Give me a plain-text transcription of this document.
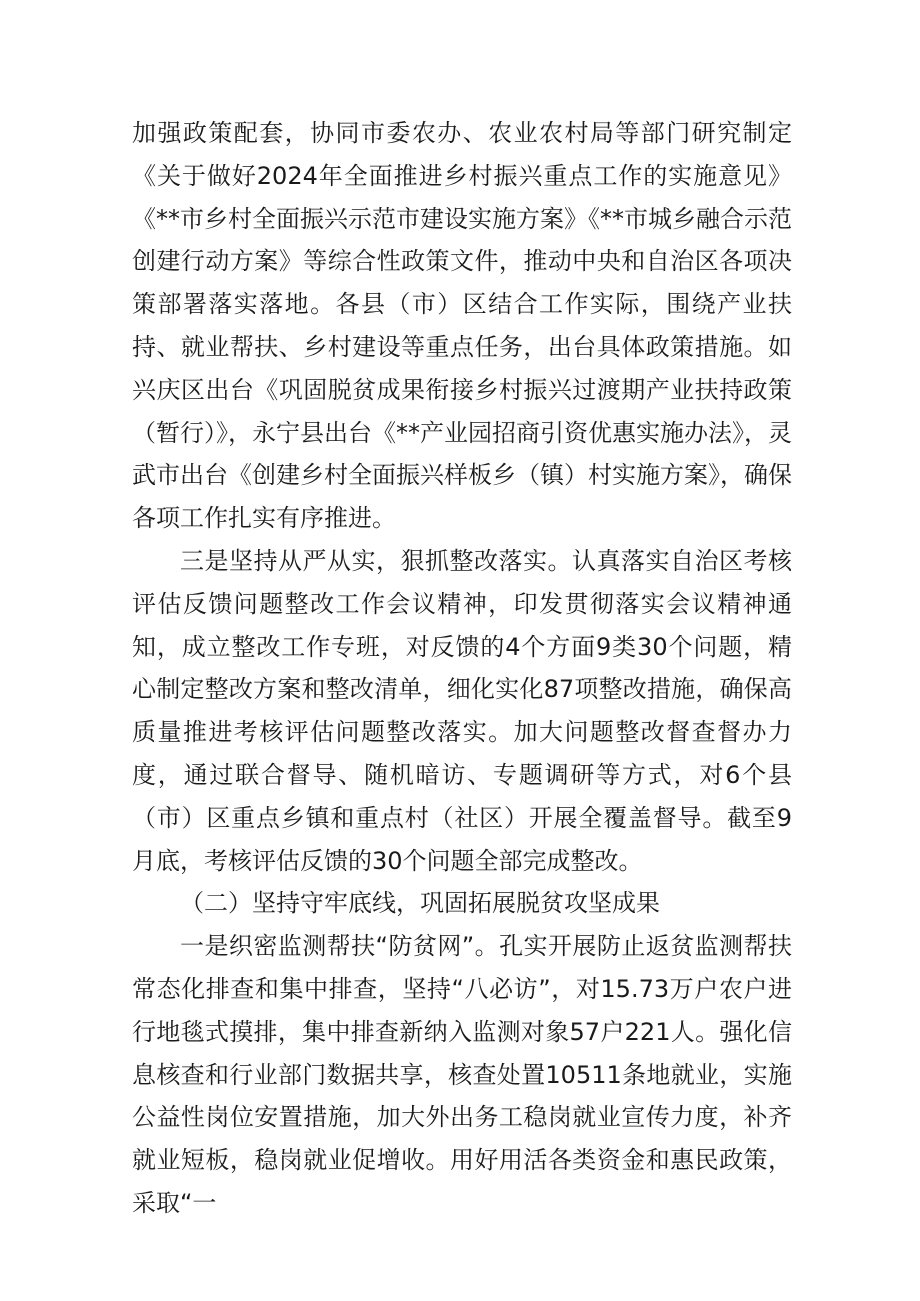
加强政策配套，协同市委农办、农业农村局等部门研究制定《关于做好2024年全面推进乡村振兴重点工作的实施意见》《**市乡村全面振兴示范市建设实施方案》《**市城乡融合示范创建行动方案》等综合性政策文件，推动中央和自治区各项决策部署落实落地。各县（市）区结合工作实际，围绕产业扶持、就业帮扶、乡村建设等重点任务，出台具体政策措施。如兴庆区出台《巩固脱贫成果衔接乡村振兴过渡期产业扶持政策（暂行）》，永宁县出台《**产业园招商引资优惠实施办法》，灵武市出台《创建乡村全面振兴样板乡（镇）村实施方案》，确保各项工作扎实有序推进。

三是坚持从严从实，狠抓整改落实。认真落实自治区考核评估反馈问题整改工作会议精神，印发贯彻落实会议精神通知，成立整改工作专班，对反馈的4个方面9类30个问题，精心制定整改方案和整改清单，细化实化87项整改措施，确保高质量推进考核评估问题整改落实。加大问题整改督查督办力度，通过联合督导、随机暗访、专题调研等方式，对6个县（市）区重点乡镇和重点村（社区）开展全覆盖督导。截至9月底，考核评估反馈的30个问题全部完成整改。

（二）坚持守牢底线，巩固拓展脱贫攻坚成果

一是织密监测帮扶“防贫网”。孔实开展防止返贫监测帮扶常态化排查和集中排查，坚持“八必访”，对15.73万户农户进行地毯式摸排，集中排查新纳入监测对象57户221人。强化信息核查和行业部门数据共享，核查处置10511条地就业，实施公益性岗位安置措施，加大外出务工稳岗就业宣传力度，补齐就业短板，稳岗就业促增收。用好用活各类资金和惠民政策，采取“一
